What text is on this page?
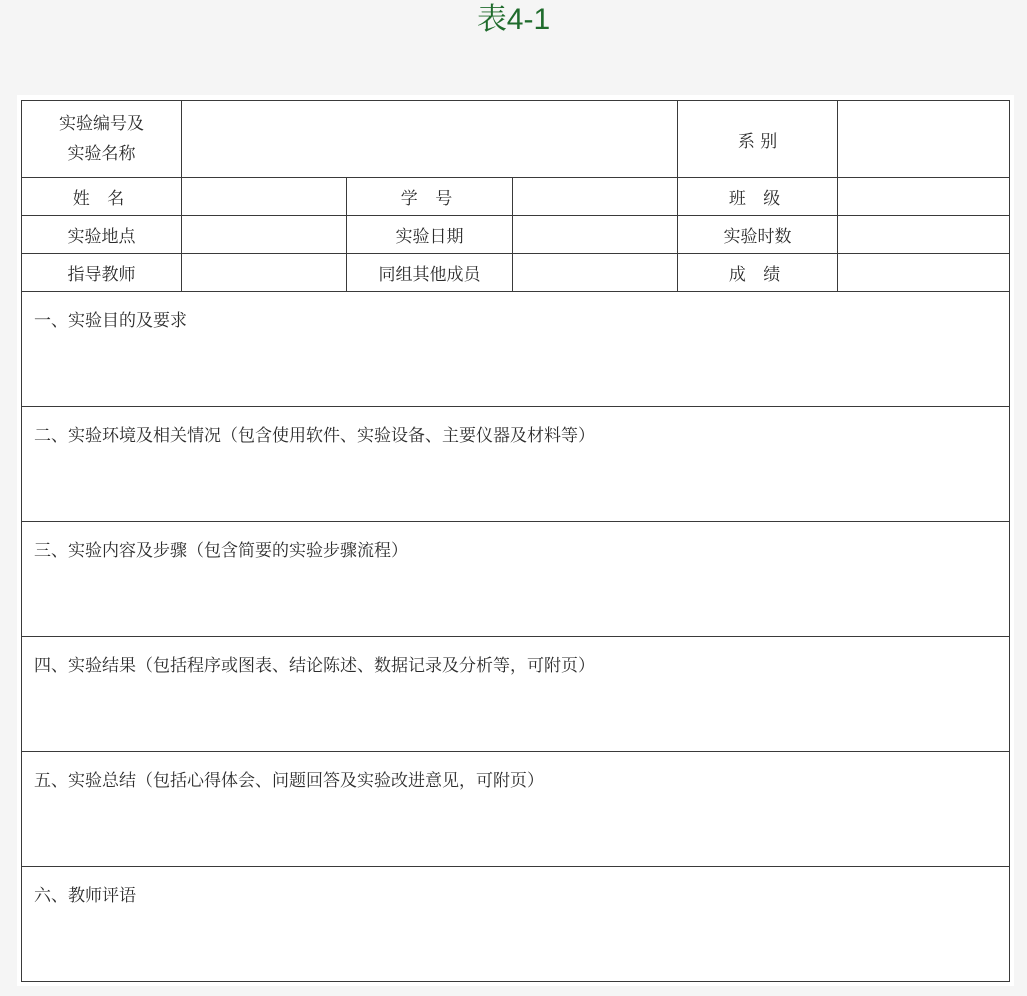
表4-1
实验编号及
实验名称				系 别	
姓 名		学 号		班 级	
实验地点		实验日期		实验时数	
指导教师		同组其他成员		成 绩	
一、实验目的及要求					
二、实验环境及相关情况（包含使用软件、实验设备、主要仪器及材料等）					
三、实验内容及步骤（包含简要的实验步骤流程）					
四、实验结果（包括程序或图表、结论陈述、数据记录及分析等，可附页）					
五、实验总结（包括心得体会、问题回答及实验改进意见，可附页）					
六、教师评语					
